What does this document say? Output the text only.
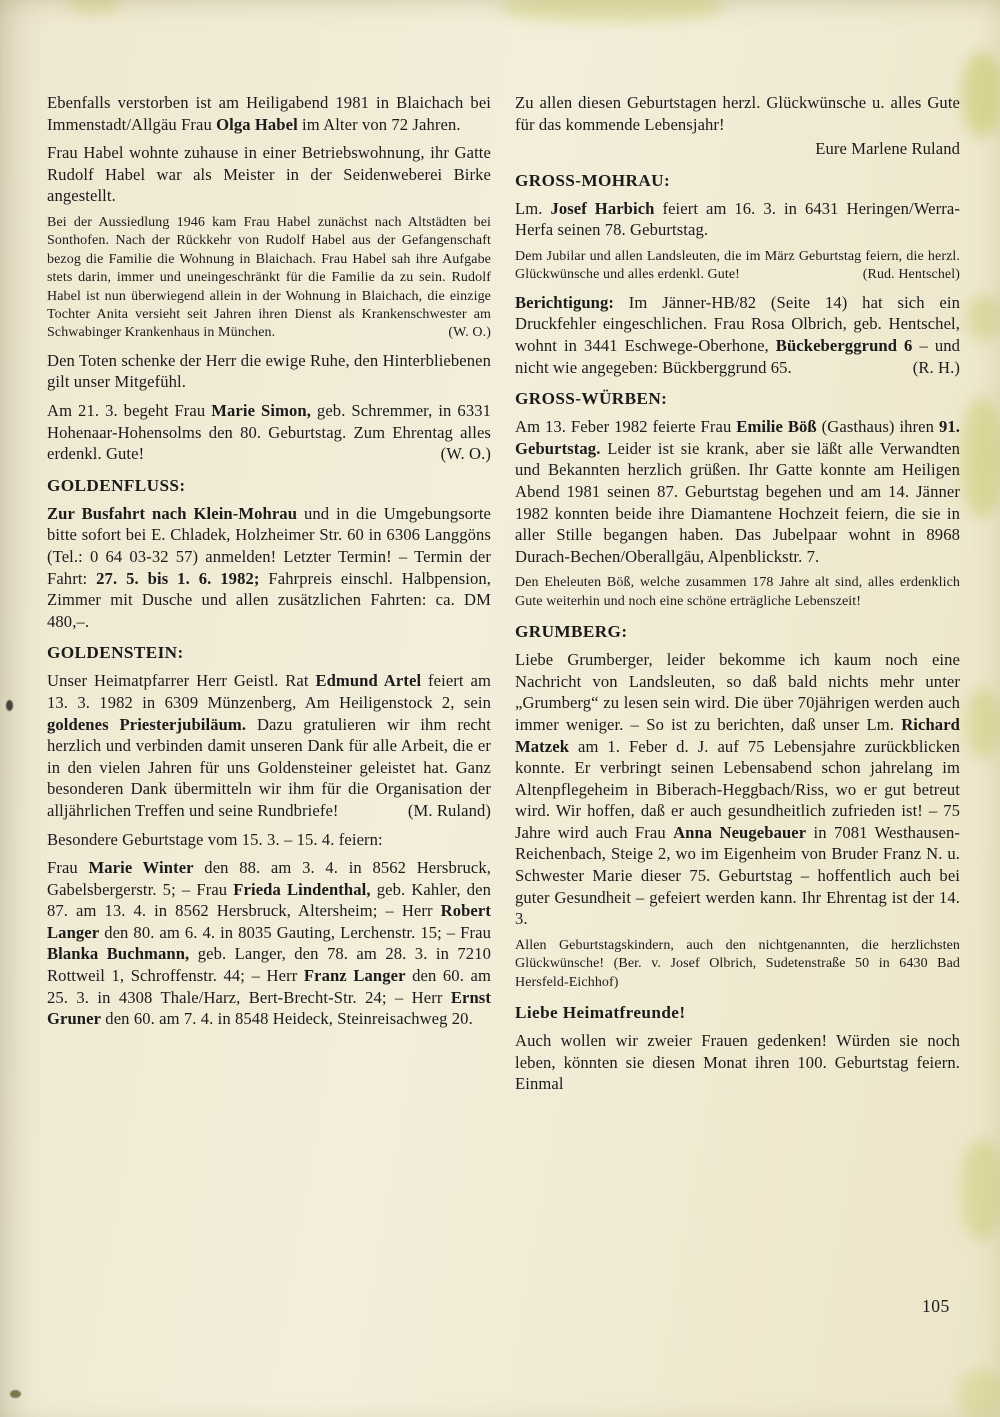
Ebenfalls verstorben ist am Heiligabend 1981 in Blaichach bei Immenstadt/Allgäu Frau Olga Habel im Alter von 72 Jahren.

Frau Habel wohnte zuhause in einer Betriebswohnung, ihr Gatte Rudolf Habel war als Meister in der Seidenweberei Birke angestellt.

Bei der Aussiedlung 1946 kam Frau Habel zunächst nach Altstädten bei Sonthofen. Nach der Rückkehr von Rudolf Habel aus der Gefangenschaft bezog die Familie die Wohnung in Blaichach. Frau Habel sah ihre Aufgabe stets darin, immer und uneingeschränkt für die Familie da zu sein. Rudolf Habel ist nun überwiegend allein in der Wohnung in Blaichach, die einzige Tochter Anita versieht seit Jahren ihren Dienst als Krankenschwester am Schwabinger Krankenhaus in München.	(W. O.)

Den Toten schenke der Herr die ewige Ruhe, den Hinterbliebenen gilt unser Mitgefühl.

Am 21. 3. begeht Frau Marie Simon, geb. Schremmer, in 6331 Hohenaar-Hohensolms den 80. Geburtstag. Zum Ehrentag alles erdenkl. Gute!	(W. O.)

GOLDENFLUSS:

Zur Busfahrt nach Klein-Mohrau und in die Umgebungsorte bitte sofort bei E. Chladek, Holzheimer Str. 60 in 6306 Langgöns (Tel.: 0 64 03-32 57) anmelden! Letzter Termin! – Termin der Fahrt: 27. 5. bis 1. 6. 1982; Fahrpreis einschl. Halbpension, Zimmer mit Dusche und allen zusätzlichen Fahrten: ca. DM 480,–.

GOLDENSTEIN:

Unser Heimatpfarrer Herr Geistl. Rat Edmund Artel feiert am 13. 3. 1982 in 6309 Münzenberg, Am Heiligenstock 2, sein goldenes Priesterjubiläum. Dazu gratulieren wir ihm recht herzlich und verbinden damit unseren Dank für alle Arbeit, die er in den vielen Jahren für uns Goldensteiner geleistet hat. Ganz besonderen Dank übermitteln wir ihm für die Organisation der alljährlichen Treffen und seine Rundbriefe!	(M. Ruland)

Besondere Geburtstage vom 15. 3. – 15. 4. feiern:

Frau Marie Winter den 88. am 3. 4. in 8562 Hersbruck, Gabelsbergerstr. 5; – Frau Frieda Lindenthal, geb. Kahler, den 87. am 13. 4. in 8562 Hersbruck, Altersheim; – Herr Robert Langer den 80. am 6. 4. in 8035 Gauting, Lerchenstr. 15; – Frau Blanka Buchmann, geb. Langer, den 78. am 28. 3. in 7210 Rottweil 1, Schroffenstr. 44; – Herr Franz Langer den 60. am 25. 3. in 4308 Thale/Harz, Bert-Brecht-Str. 24; – Herr Ernst Gruner den 60. am 7. 4. in 8548 Heideck, Steinreisachweg 20.

Zu allen diesen Geburtstagen herzl. Glückwünsche u. alles Gute für das kommende Lebensjahr!

Eure Marlene Ruland

GROSS-MOHRAU:

Lm. Josef Harbich feiert am 16. 3. in 6431 Heringen/Werra-Herfa seinen 78. Geburtstag.

Dem Jubilar und allen Landsleuten, die im März Geburtstag feiern, die herzl. Glückwünsche und alles erdenkl. Gute!	(Rud. Hentschel)

Berichtigung: Im Jänner-HB/82 (Seite 14) hat sich ein Druckfehler eingeschlichen. Frau Rosa Olbrich, geb. Hentschel, wohnt in 3441 Eschwege-Oberhone, Bückeberggrund 6 – und nicht wie angegeben: Bückberggrund 65.	(R. H.)

GROSS-WÜRBEN:

Am 13. Feber 1982 feierte Frau Emilie Böß (Gasthaus) ihren 91. Geburtstag. Leider ist sie krank, aber sie läßt alle Verwandten und Bekannten herzlich grüßen. Ihr Gatte konnte am Heiligen Abend 1981 seinen 87. Geburtstag begehen und am 14. Jänner 1982 konnten beide ihre Diamantene Hochzeit feiern, die sie in aller Stille begangen haben. Das Jubelpaar wohnt in 8968 Durach-Bechen/Oberallgäu, Alpenblickstr. 7.

Den Eheleuten Böß, welche zusammen 178 Jahre alt sind, alles erdenklich Gute weiterhin und noch eine schöne erträgliche Lebenszeit!

GRUMBERG:

Liebe Grumberger, leider bekomme ich kaum noch eine Nachricht von Landsleuten, so daß bald nichts mehr unter „Grumberg“ zu lesen sein wird. Die über 70jährigen werden auch immer weniger. – So ist zu berichten, daß unser Lm. Richard Matzek am 1. Feber d. J. auf 75 Lebensjahre zurückblicken konnte. Er verbringt seinen Lebensabend schon jahrelang im Altenpflegeheim in Biberach-Heggbach/Riss, wo er gut betreut wird. Wir hoffen, daß er auch gesundheitlich zufrieden ist! – 75 Jahre wird auch Frau Anna Neugebauer in 7081 Westhausen-Reichenbach, Steige 2, wo im Eigenheim von Bruder Franz N. u. Schwester Marie dieser 75. Geburtstag – hoffentlich auch bei guter Gesundheit – gefeiert werden kann. Ihr Ehrentag ist der 14. 3.

Allen Geburtstagskindern, auch den nichtgenannten, die herzlichsten Glückwünsche! (Ber. v. Josef Olbrich, Sudetenstraße 50 in 6430 Bad Hersfeld-Eichhof)

Liebe Heimatfreunde!

Auch wollen wir zweier Frauen gedenken! Würden sie noch leben, könnten sie diesen Monat ihren 100. Geburtstag feiern. Einmal

105
